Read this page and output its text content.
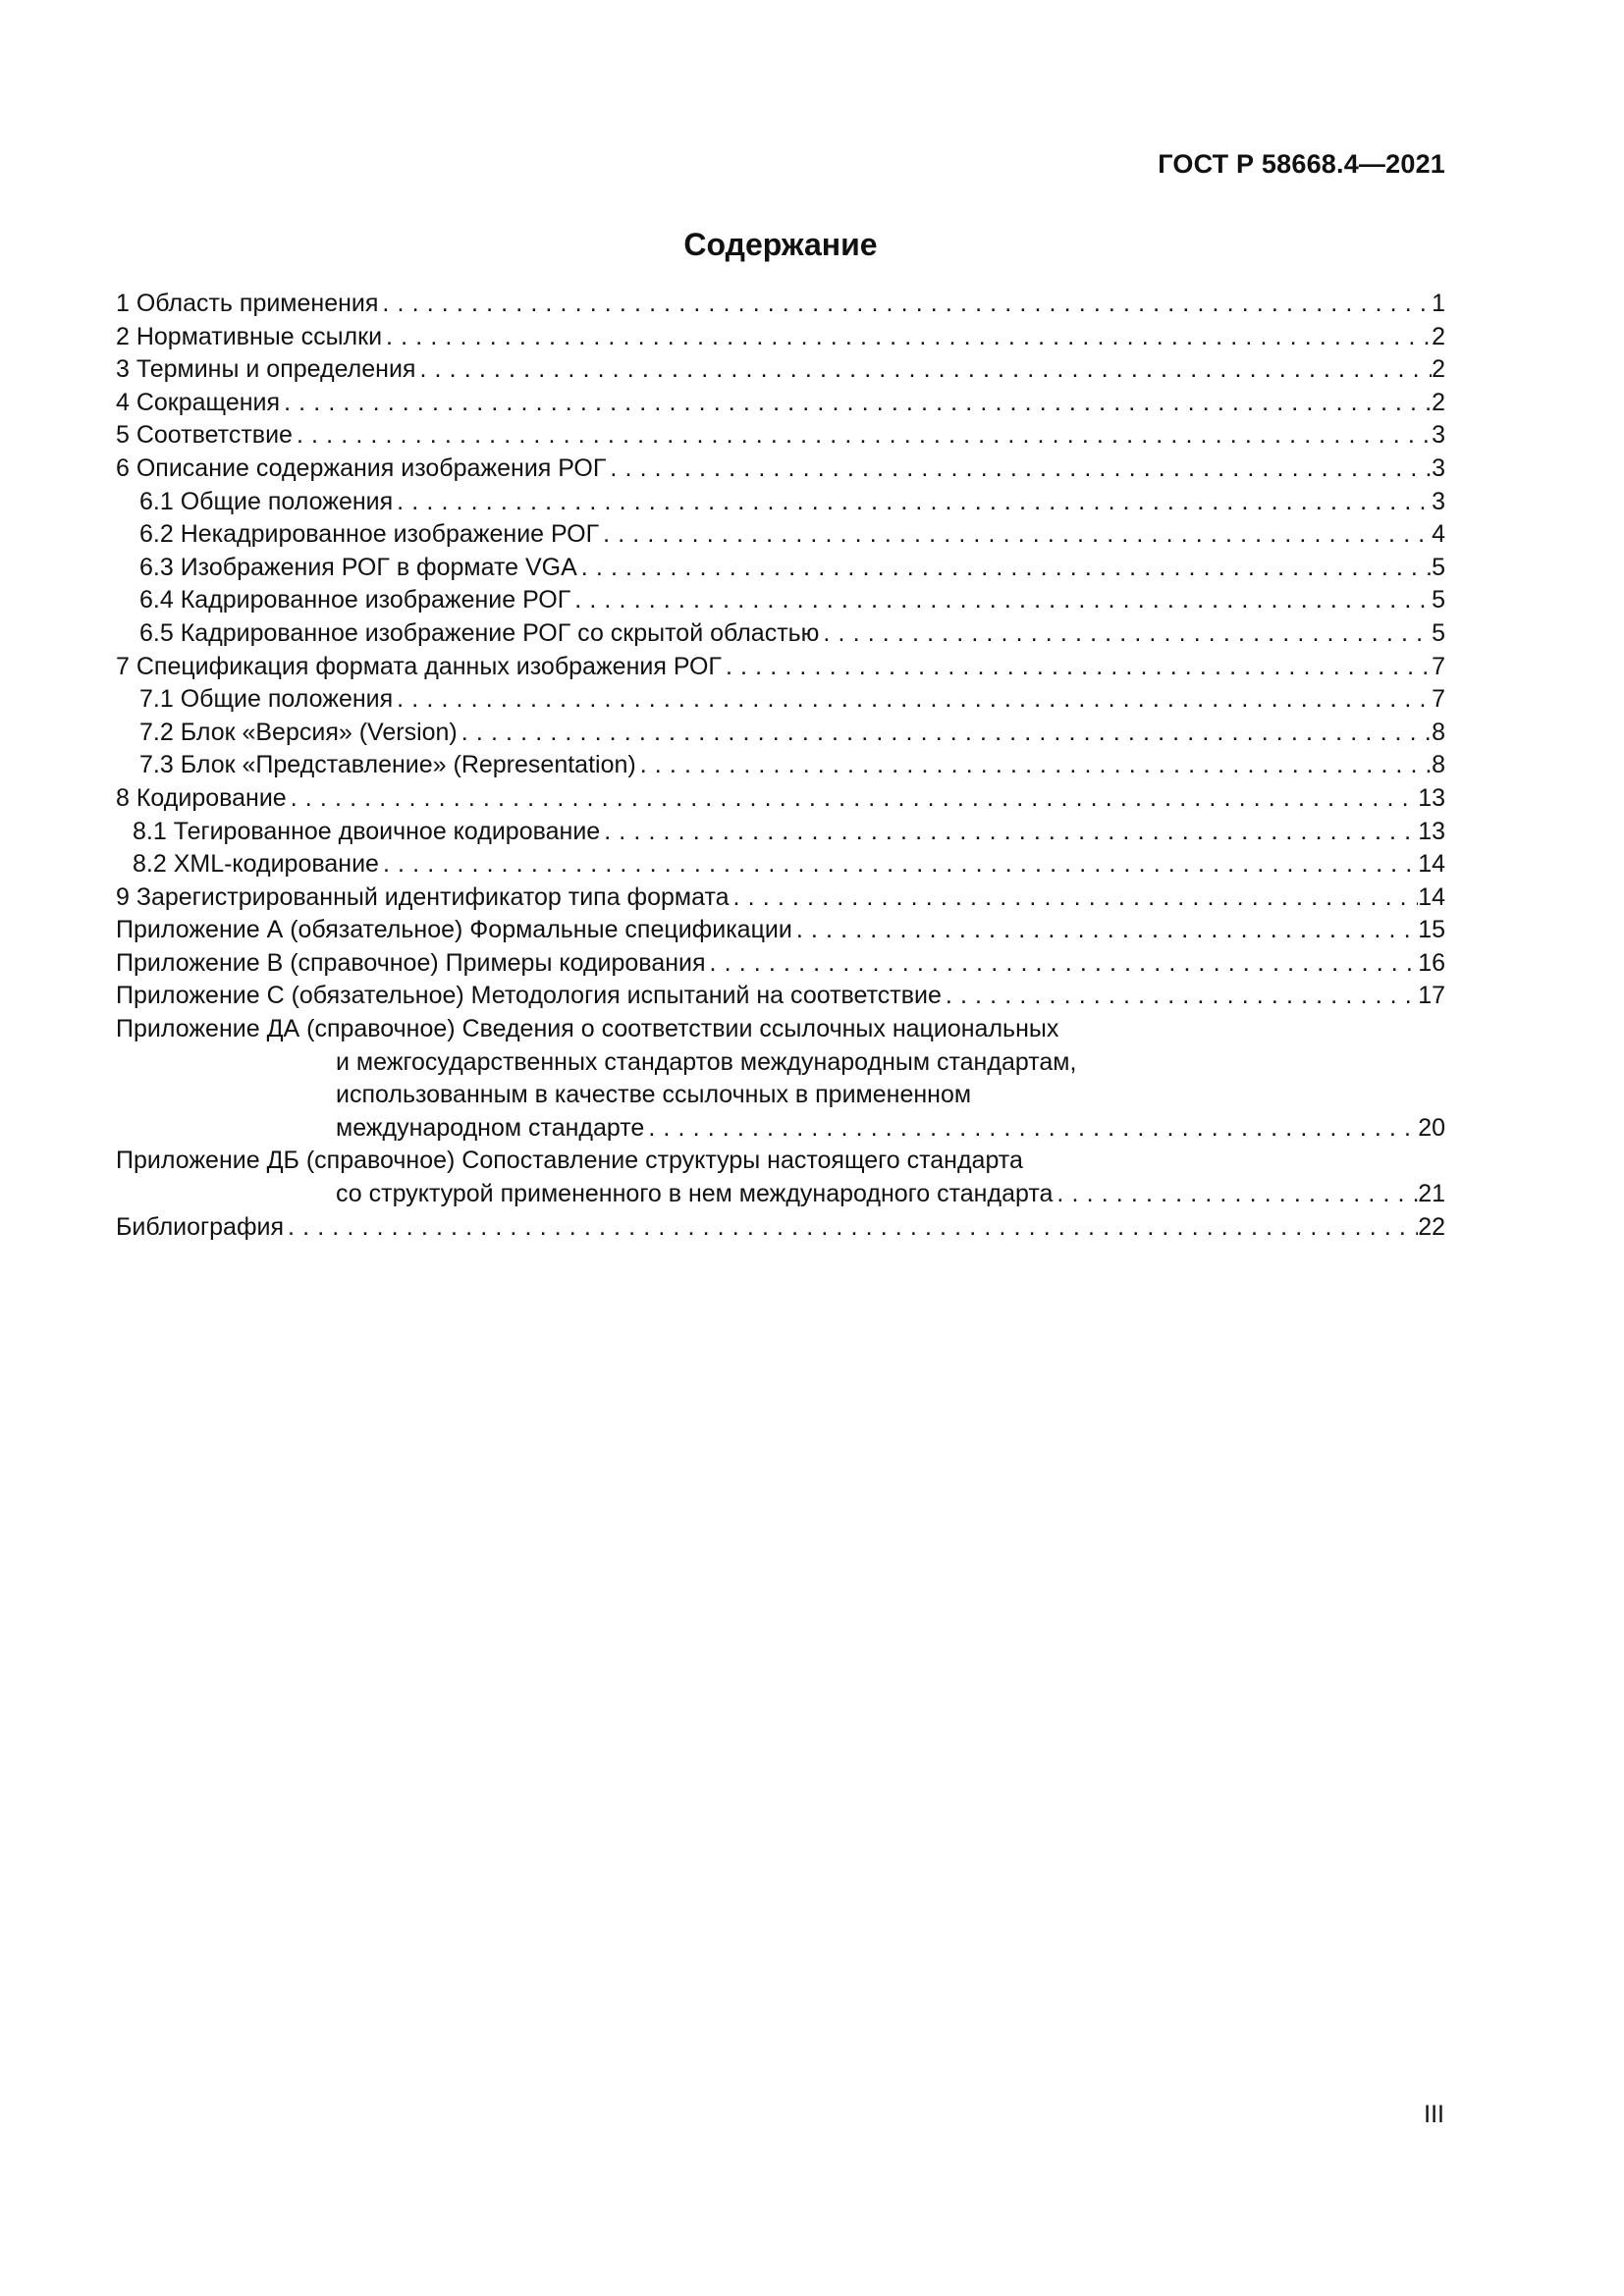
ГОСТ Р 58668.4—2021
Содержание
1 Область применения . . .	1
2 Нормативные ссылки . . .	2
3 Термины и определения . . .	2
4 Сокращения . . .	2
5 Соответствие . . .	3
6 Описание содержания изображения РОГ . . .	3
6.1 Общие положения . . .	3
6.2 Некадрированное изображение РОГ . . .	4
6.3 Изображения РОГ в формате VGA . . .	5
6.4 Кадрированное изображение РОГ . . .	5
6.5 Кадрированное изображение РОГ со скрытой областью . . .	5
7 Спецификация формата данных изображения РОГ . . .	7
7.1 Общие положения . . .	7
7.2 Блок «Версия» (Version) . . .	8
7.3 Блок «Представление» (Representation) . . .	8
8 Кодирование . . .	13
8.1 Тегированное двоичное кодирование . . .	13
8.2 XML-кодирование . . .	14
9 Зарегистрированный идентификатор типа формата . . .	14
Приложение А (обязательное) Формальные спецификации . . .	15
Приложение В (справочное) Примеры кодирования . . .	16
Приложение С (обязательное) Методология испытаний на соответствие . . .	17
Приложение ДА (справочное) Сведения о соответствии ссылочных национальных
и межгосударственных стандартов международным стандартам,
использованным в качестве ссылочных в примененном
международном стандарте . . .	20
Приложение ДБ (справочное) Сопоставление структуры настоящего стандарта
со структурой примененного в нем международного стандарта . . .	21
Библиография . . .	22
III
